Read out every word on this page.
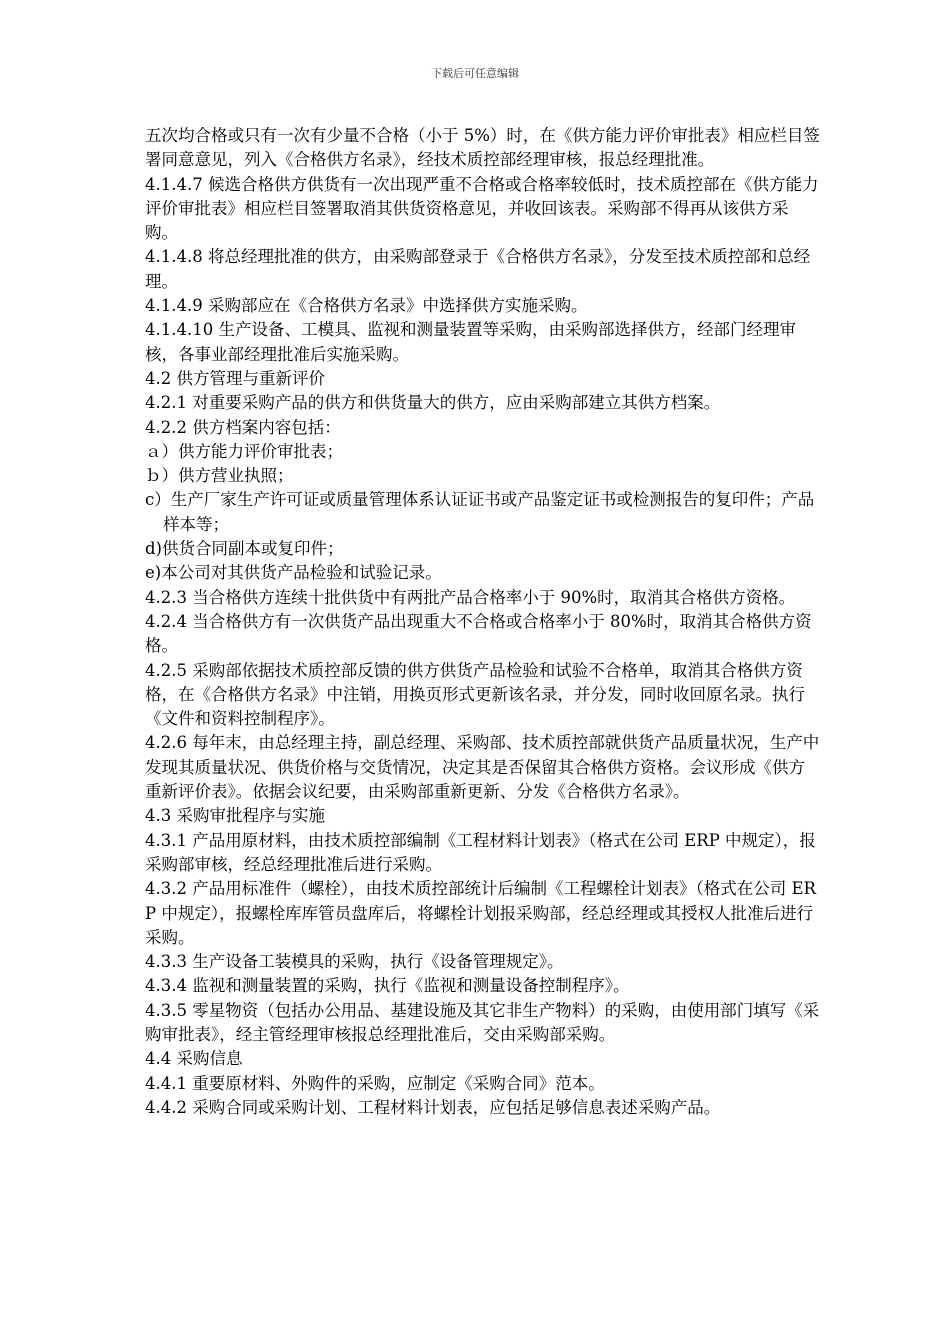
下载后可任意编辑

五次均合格或只有一次有少量不合格（小于 5%）时，在《供方能力评价审批表》相应栏目签署同意意见，列入《合格供方名录》，经技术质控部经理审核，报总经理批准。

4.1.4.7 候选合格供方供货有一次出现严重不合格或合格率较低时，技术质控部在《供方能力评价审批表》相应栏目签署取消其供货资格意见，并收回该表。采购部不得再从该供方采购。

4.1.4.8 将总经理批准的供方，由采购部登录于《合格供方名录》，分发至技术质控部和总经理。

4.1.4.9 采购部应在《合格供方名录》中选择供方实施采购。

4.1.4.10 生产设备、工模具、监视和测量装置等采购，由采购部选择供方，经部门经理审核，各事业部经理批准后实施采购。

4.2 供方管理与重新评价

4.2.1 对重要采购产品的供方和供货量大的供方，应由采购部建立其供方档案。

4.2.2 供方档案内容包括：

ａ）供方能力评价审批表；

ｂ）供方营业执照；

c）生产厂家生产许可证或质量管理体系认证证书或产品鉴定证书或检测报告的复印件；产品样本等；

d)供货合同副本或复印件；

e)本公司对其供货产品检验和试验记录。

4.2.3 当合格供方连续十批供货中有两批产品合格率小于 90%时，取消其合格供方资格。

4.2.4 当合格供方有一次供货产品出现重大不合格或合格率小于 80%时，取消其合格供方资格。

4.2.5 采购部依据技术质控部反馈的供方供货产品检验和试验不合格单，取消其合格供方资格，在《合格供方名录》中注销，用换页形式更新该名录，并分发，同时收回原名录。执行《文件和资料控制程序》。

4.2.6 每年末，由总经理主持，副总经理、采购部、技术质控部就供货产品质量状况，生产中发现其质量状况、供货价格与交货情况，决定其是否保留其合格供方资格。会议形成《供方重新评价表》。依据会议纪要，由采购部重新更新、分发《合格供方名录》。

4.3 采购审批程序与实施

4.3.1 产品用原材料，由技术质控部编制《工程材料计划表》（格式在公司 ERP 中规定），报采购部审核，经总经理批准后进行采购。

4.3.2 产品用标准件（螺栓），由技术质控部统计后编制《工程螺栓计划表》（格式在公司 ERP 中规定），报螺栓库库管员盘库后，将螺栓计划报采购部，经总经理或其授权人批准后进行采购。

4.3.3 生产设备工装模具的采购，执行《设备管理规定》。

4.3.4 监视和测量装置的采购，执行《监视和测量设备控制程序》。

4.3.5 零星物资（包括办公用品、基建设施及其它非生产物料）的采购，由使用部门填写《采购审批表》，经主管经理审核报总经理批准后，交由采购部采购。

4.4 采购信息

4.4.1 重要原材料、外购件的采购，应制定《采购合同》范本。

4.4.2 采购合同或采购计划、工程材料计划表，应包括足够信息表述采购产品。
